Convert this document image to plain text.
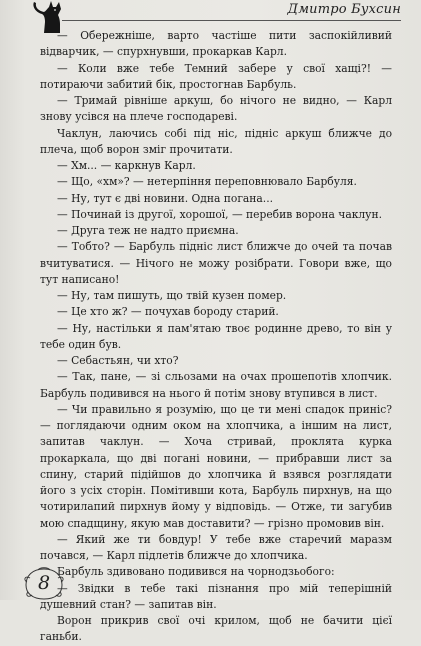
Дмитро Бухсин

— Обережніше, варто частіше пити заспокійливий відварчик, — спурхнувши, прокаркав Карл.

— Коли вже тебе Темний забере у свої хащі?! — потираючи забитий бік, простогнав Барбуль.

— Тримай рівніше аркуш, бо нічого не видно, — Карл знову усівся на плече господареві.

Чаклун, лаючись собі під ніс, підніс аркуш ближче до плеча, щоб ворон зміг прочитати.

— Хм... — каркнув Карл.

— Що, «хм»? — нетерпіння переповнювало Барбуля.

— Ну, тут є дві новини. Одна погана...

— Починай із другої, хорошої, — перебив ворона чаклун.

— Друга теж не надто приємна.

— Тобто? — Барбуль підніс лист ближче до очей та почав вчитуватися. — Нічого не можу розібрати. Говори вже, що тут написано!

— Ну, там пишуть, що твій кузен помер.

— Це хто ж? — почухав бороду старий.

— Ну, настільки я пам'ятаю твоє родинне древо, то він у тебе один був.

— Себастьян, чи хто?

— Так, пане, — зі сльозами на очах прошепотів хлопчик. Барбуль подивився на нього й потім знову втупився в лист.

— Чи правильно я розумію, що це ти мені спадок приніс? — поглядаючи одним оком на хлопчика, а іншим на лист, запитав чаклун. — Хоча стривай, проклята курка прокаркала, що дві погані новини, — прибравши лист за спину, старий підійшов до хлопчика й взявся розглядати його з усіх сторін. Помітивши кота, Барбуль пирхнув, на що чотирилапий пирхнув йому у відповідь. — Отже, ти загубив мою спадщину, якую мав доставити? — грізно промовив він.

— Який же ти бовдур! У тебе вже старечий маразм почався, — Карл підлетів ближче до хлопчика.

Барбуль здивовано подивився на чорнодзьобого:

— Звідки в тебе такі пізнання про мій теперішній душевний стан? — запитав він.

Ворон прикрив свої очі крилом, щоб не бачити цієї ганьби.

8
